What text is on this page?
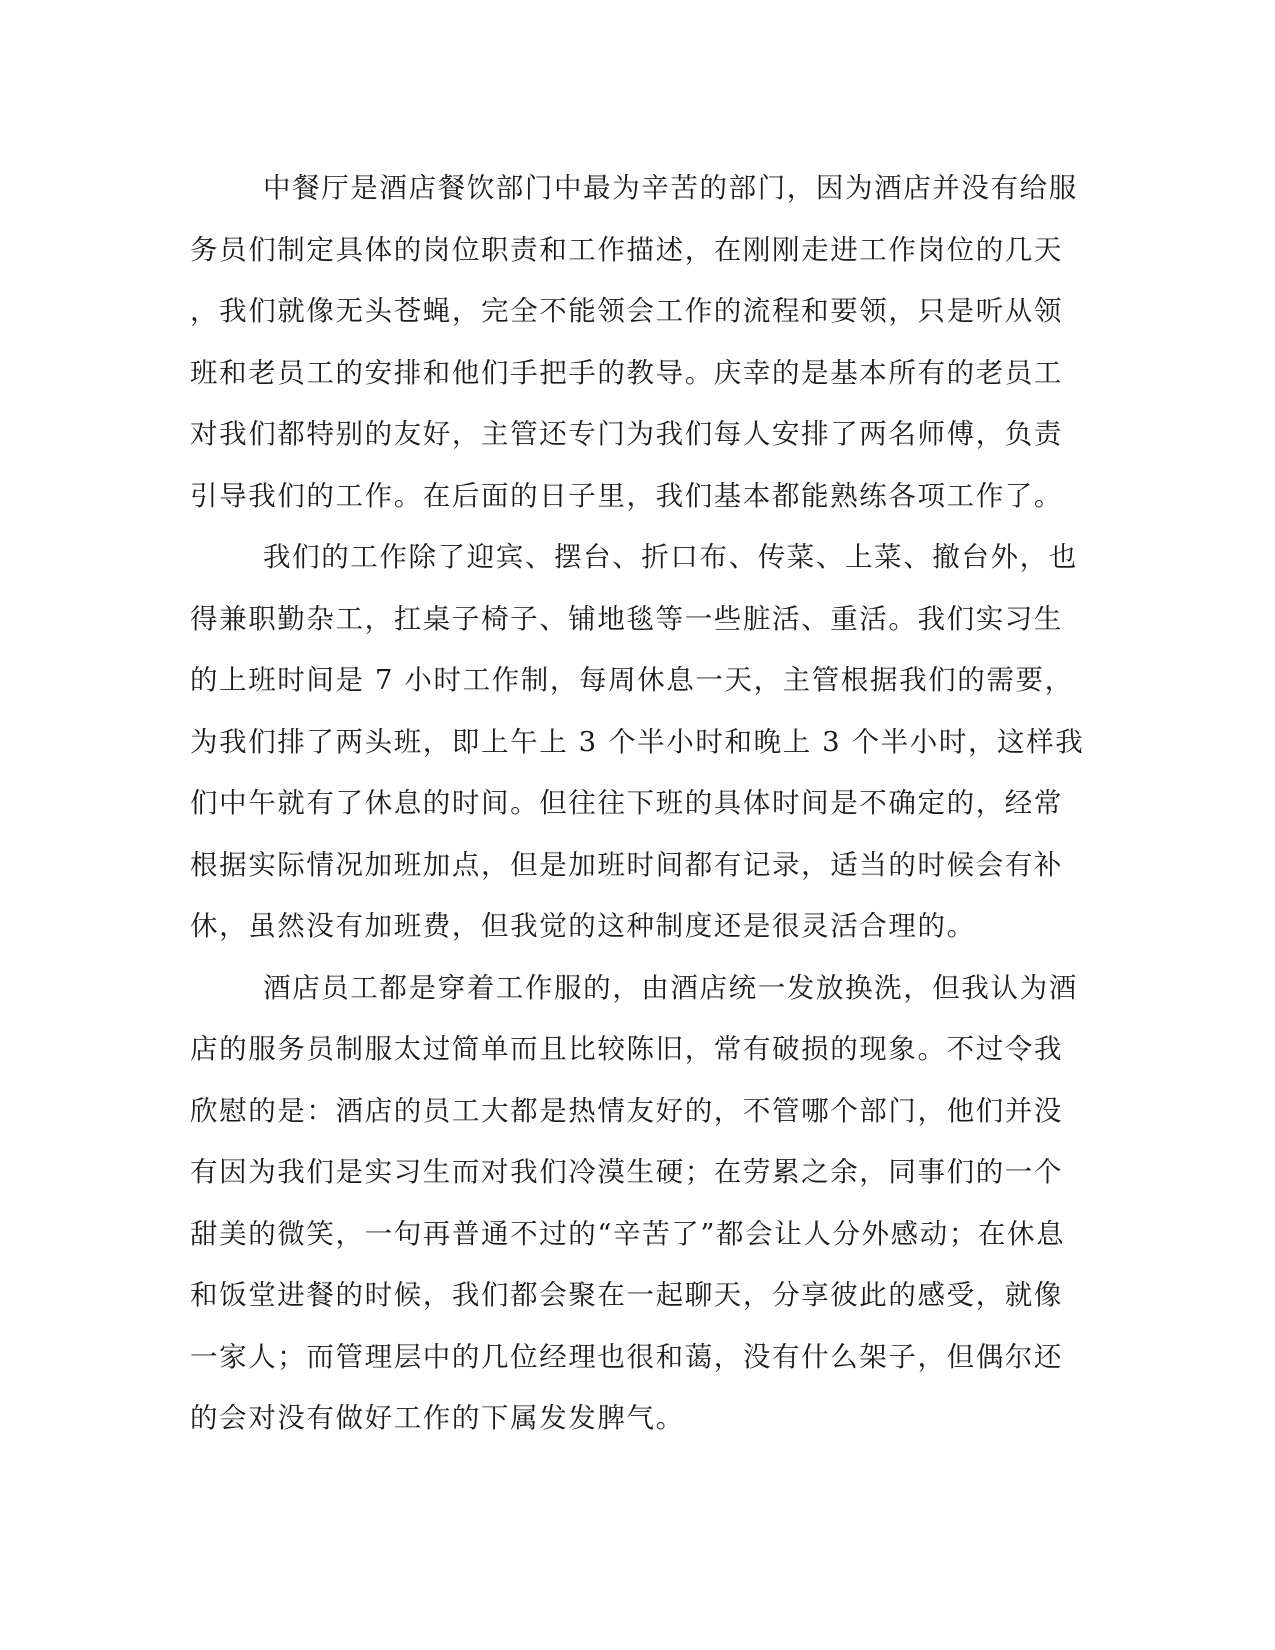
中餐厅是酒店餐饮部门中最为辛苦的部门，因为酒店并没有给服
务员们制定具体的岗位职责和工作描述，在刚刚走进工作岗位的几天
，我们就像无头苍蝇，完全不能领会工作的流程和要领，只是听从领
班和老员工的安排和他们手把手的教导。庆幸的是基本所有的老员工
对我们都特别的友好，主管还专门为我们每人安排了两名师傅，负责
引导我们的工作。在后面的日子里，我们基本都能熟练各项工作了。
我们的工作除了迎宾、摆台、折口布、传菜、上菜、撤台外，也
得兼职勤杂工，扛桌子椅子、铺地毯等一些脏活、重活。我们实习生
的上班时间是 7 小时工作制，每周休息一天，主管根据我们的需要，
为我们排了两头班，即上午上 3 个半小时和晚上 3 个半小时，这样我
们中午就有了休息的时间。但往往下班的具体时间是不确定的，经常
根据实际情况加班加点，但是加班时间都有记录，适当的时候会有补
休，虽然没有加班费，但我觉的这种制度还是很灵活合理的。
酒店员工都是穿着工作服的，由酒店统一发放换洗，但我认为酒
店的服务员制服太过简单而且比较陈旧，常有破损的现象。不过令我
欣慰的是：酒店的员工大都是热情友好的，不管哪个部门，他们并没
有因为我们是实习生而对我们冷漠生硬；在劳累之余，同事们的一个
甜美的微笑，一句再普通不过的“辛苦了”都会让人分外感动；在休息
和饭堂进餐的时候，我们都会聚在一起聊天，分享彼此的感受，就像
一家人；而管理层中的几位经理也很和蔼，没有什么架子，但偶尔还
的会对没有做好工作的下属发发脾气。
